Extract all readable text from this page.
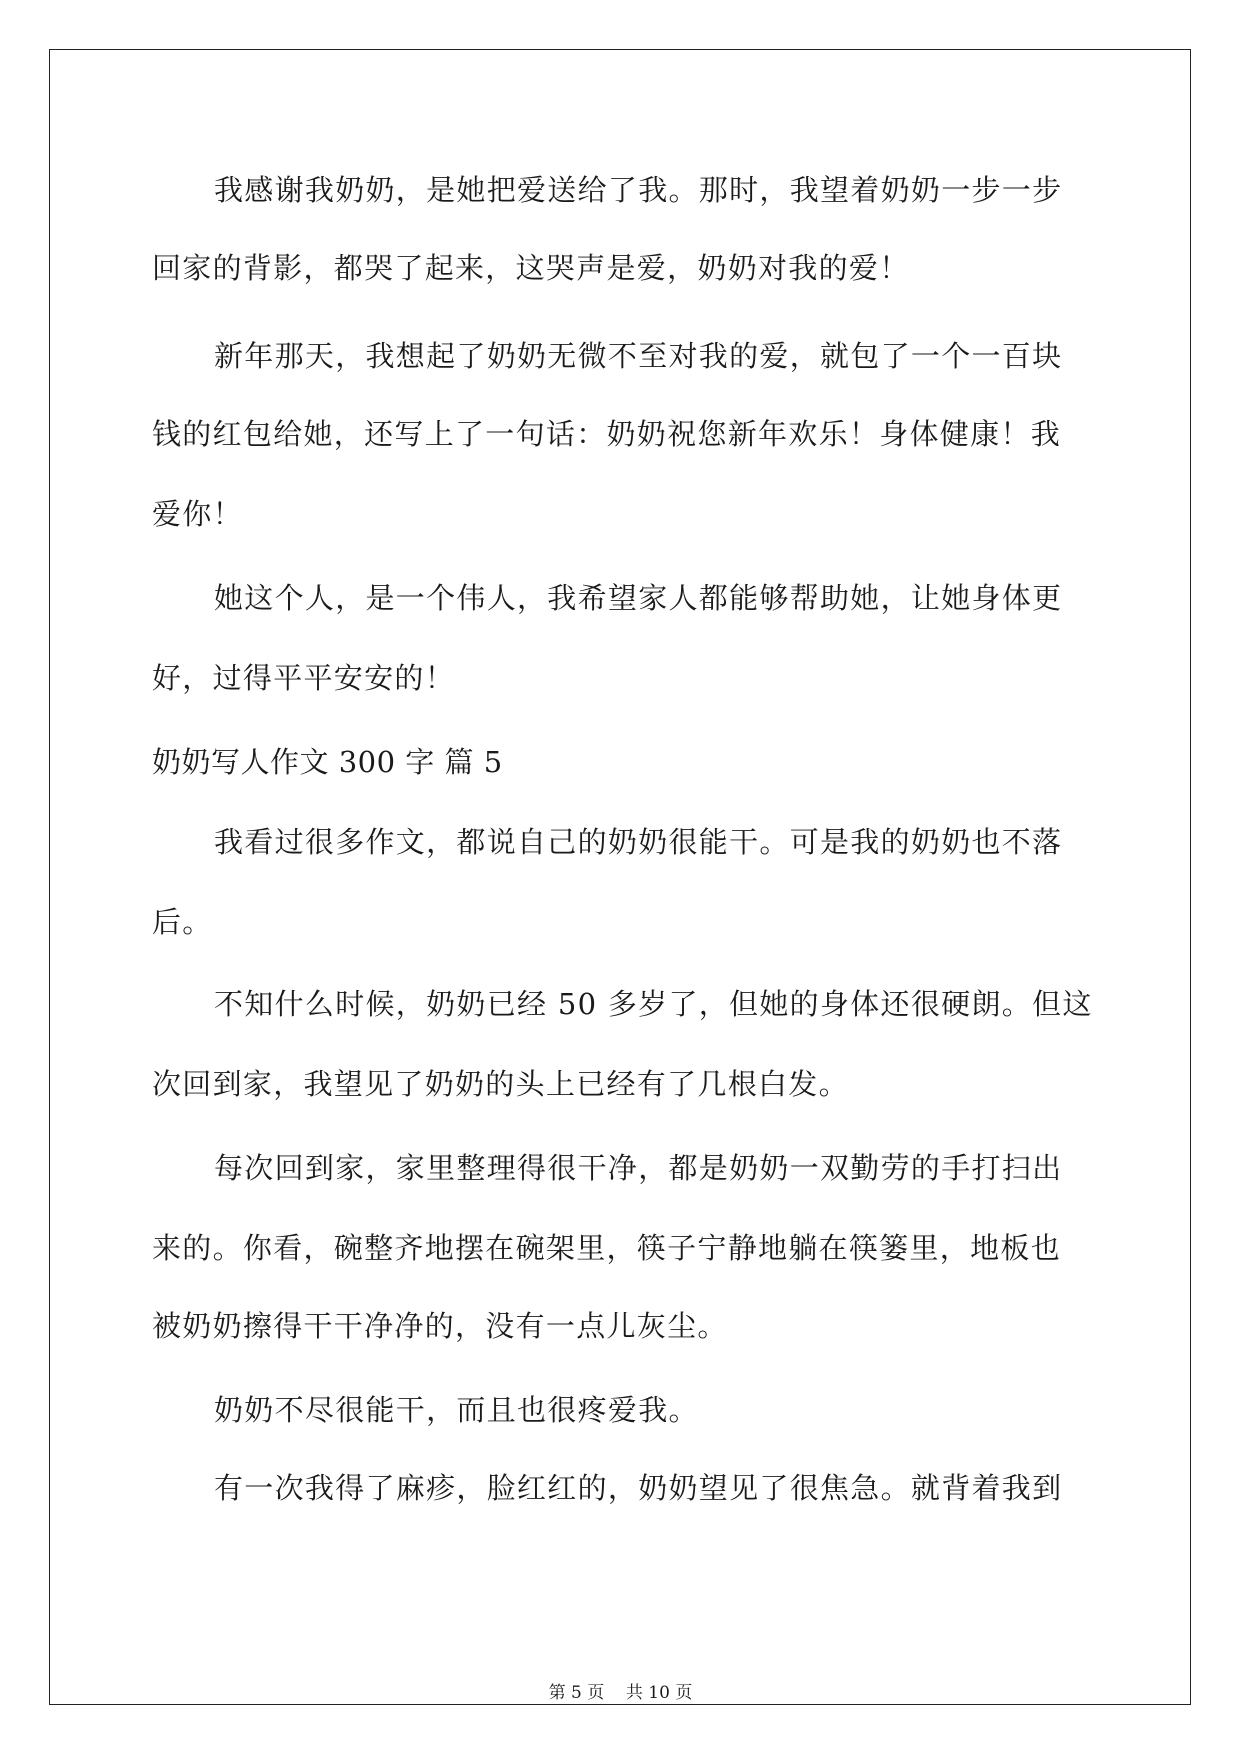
我感谢我奶奶，是她把爱送给了我。那时，我望着奶奶一步一步
回家的背影，都哭了起来，这哭声是爱，奶奶对我的爱！
新年那天，我想起了奶奶无微不至对我的爱，就包了一个一百块
钱的红包给她，还写上了一句话：奶奶祝您新年欢乐！身体健康！我
爱你！
她这个人，是一个伟人，我希望家人都能够帮助她，让她身体更
好，过得平平安安的！
奶奶写人作文 300 字 篇 5
我看过很多作文，都说自己的奶奶很能干。可是我的奶奶也不落
后。
不知什么时候，奶奶已经 50 多岁了，但她的身体还很硬朗。但这
次回到家，我望见了奶奶的头上已经有了几根白发。
每次回到家，家里整理得很干净，都是奶奶一双勤劳的手打扫出
来的。你看，碗整齐地摆在碗架里，筷子宁静地躺在筷篓里，地板也
被奶奶擦得干干净净的，没有一点儿灰尘。
奶奶不尽很能干，而且也很疼爱我。
有一次我得了麻疹，脸红红的，奶奶望见了很焦急。就背着我到
第 5 页    共 10 页
